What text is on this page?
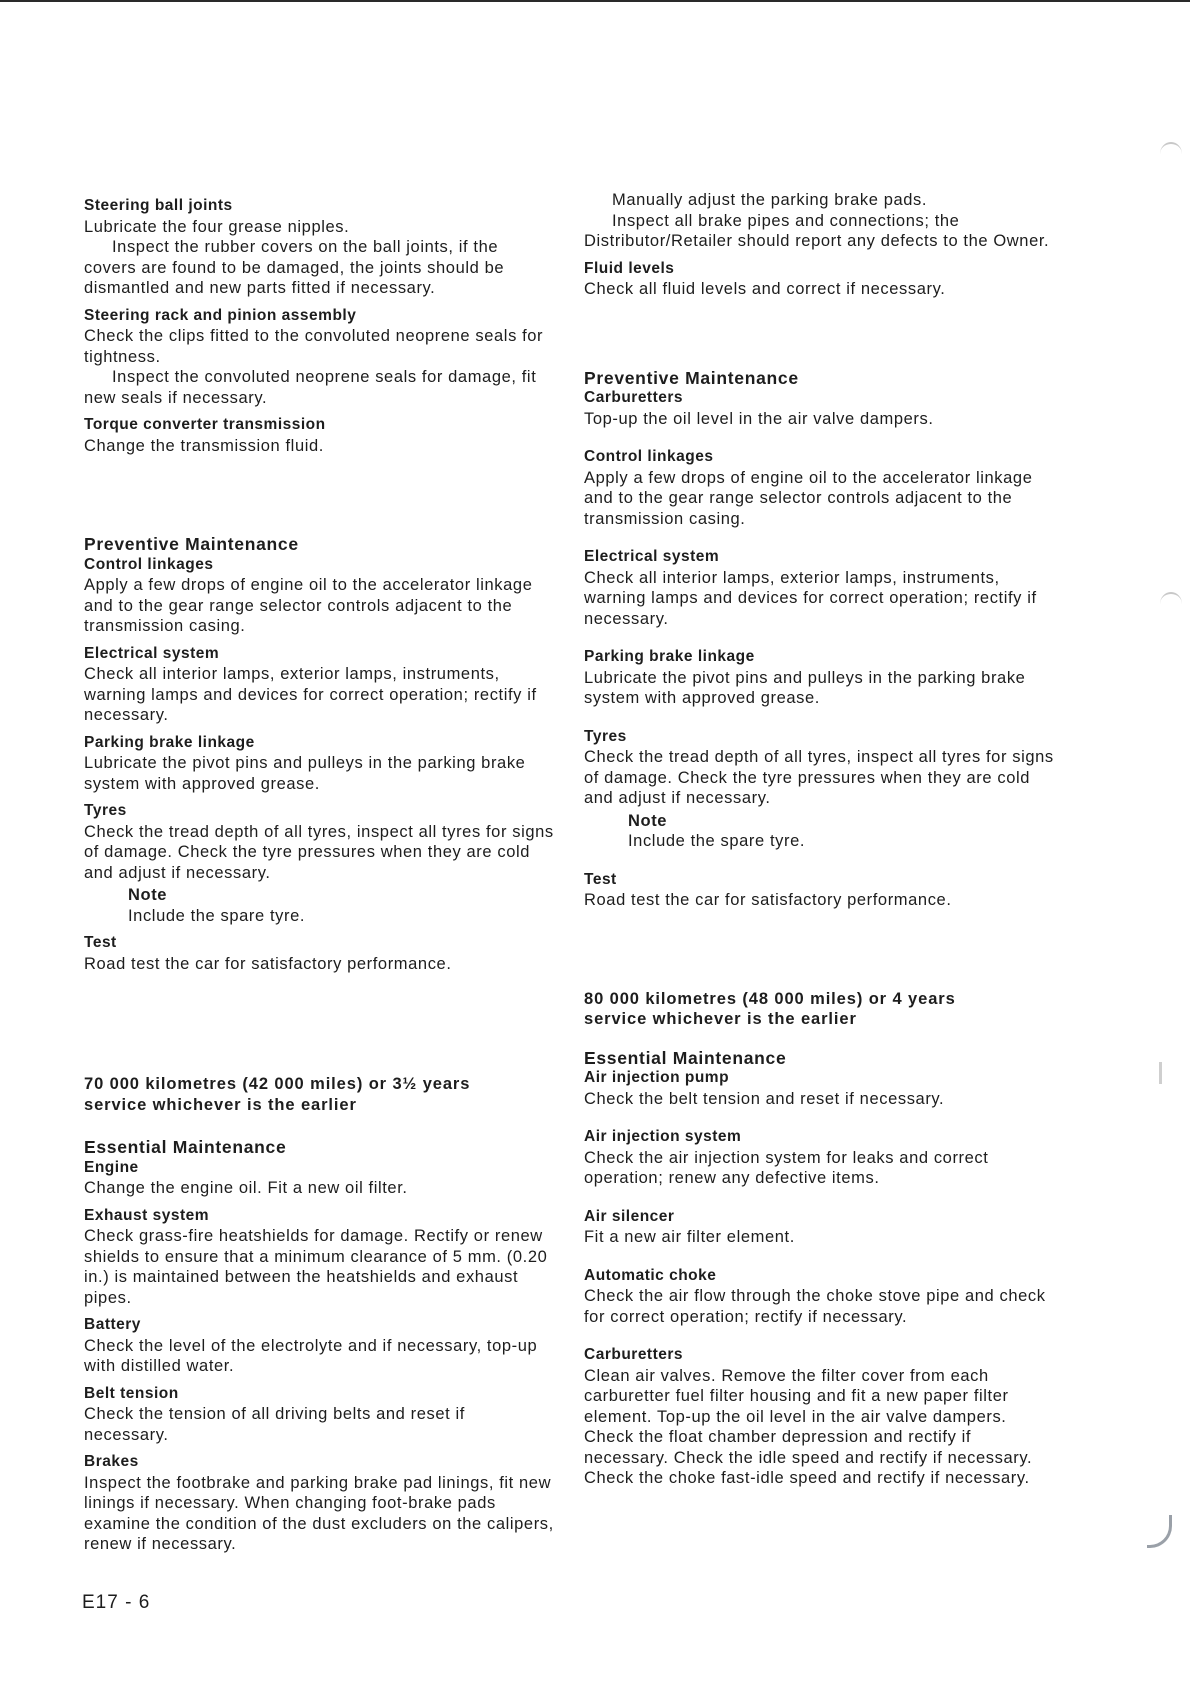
Steering ball joints
Lubricate the four grease nipples.
Inspect the rubber covers on the ball joints, if the covers are found to be damaged, the joints should be dismantled and new parts fitted if necessary.
Steering rack and pinion assembly
Check the clips fitted to the convoluted neoprene seals for tightness.
Inspect the convoluted neoprene seals for damage, fit new seals if necessary.
Torque converter transmission
Change the transmission fluid.
Preventive Maintenance
Control linkages
Apply a few drops of engine oil to the accelerator linkage and to the gear range selector controls adjacent to the transmission casing.
Electrical system
Check all interior lamps, exterior lamps, instruments, warning lamps and devices for correct operation; rectify if necessary.
Parking brake linkage
Lubricate the pivot pins and pulleys in the parking brake system with approved grease.
Tyres
Check the tread depth of all tyres, inspect all tyres for signs of damage. Check the tyre pressures when they are cold and adjust if necessary.
Note
Include the spare tyre.
Test
Road test the car for satisfactory performance.
70 000 kilometres (42 000 miles) or 3½ years
service whichever is the earlier
Essential Maintenance
Engine
Change the engine oil. Fit a new oil filter.
Exhaust system
Check grass-fire heatshields for damage. Rectify or renew shields to ensure that a minimum clearance of 5 mm. (0.20 in.) is maintained between the heatshields and exhaust pipes.
Battery
Check the level of the electrolyte and if necessary, top-up with distilled water.
Belt tension
Check the tension of all driving belts and reset if necessary.
Brakes
Inspect the footbrake and parking brake pad linings, fit new linings if necessary. When changing foot-brake pads examine the condition of the dust excluders on the calipers, renew if necessary.
Manually adjust the parking brake pads.
Inspect all brake pipes and connections; the Distributor/Retailer should report any defects to the Owner.
Fluid levels
Check all fluid levels and correct if necessary.
Preventive Maintenance
Carburetters
Top-up the oil level in the air valve dampers.
Control linkages
Apply a few drops of engine oil to the accelerator linkage and to the gear range selector controls adjacent to the transmission casing.
Electrical system
Check all interior lamps, exterior lamps, instruments, warning lamps and devices for correct operation; rectify if necessary.
Parking brake linkage
Lubricate the pivot pins and pulleys in the parking brake system with approved grease.
Tyres
Check the tread depth of all tyres, inspect all tyres for signs of damage. Check the tyre pressures when they are cold and adjust if necessary.
Note
Include the spare tyre.
Test
Road test the car for satisfactory performance.
80 000 kilometres (48 000 miles) or 4 years
service whichever is the earlier
Essential Maintenance
Air injection pump
Check the belt tension and reset if necessary.
Air injection system
Check the air injection system for leaks and correct operation; renew any defective items.
Air silencer
Fit a new air filter element.
Automatic choke
Check the air flow through the choke stove pipe and check for correct operation; rectify if necessary.
Carburetters
Clean air valves. Remove the filter cover from each carburetter fuel filter housing and fit a new paper filter element. Top-up the oil level in the air valve dampers. Check the float chamber depression and rectify if necessary. Check the idle speed and rectify if necessary. Check the choke fast-idle speed and rectify if necessary.
E17 - 6
